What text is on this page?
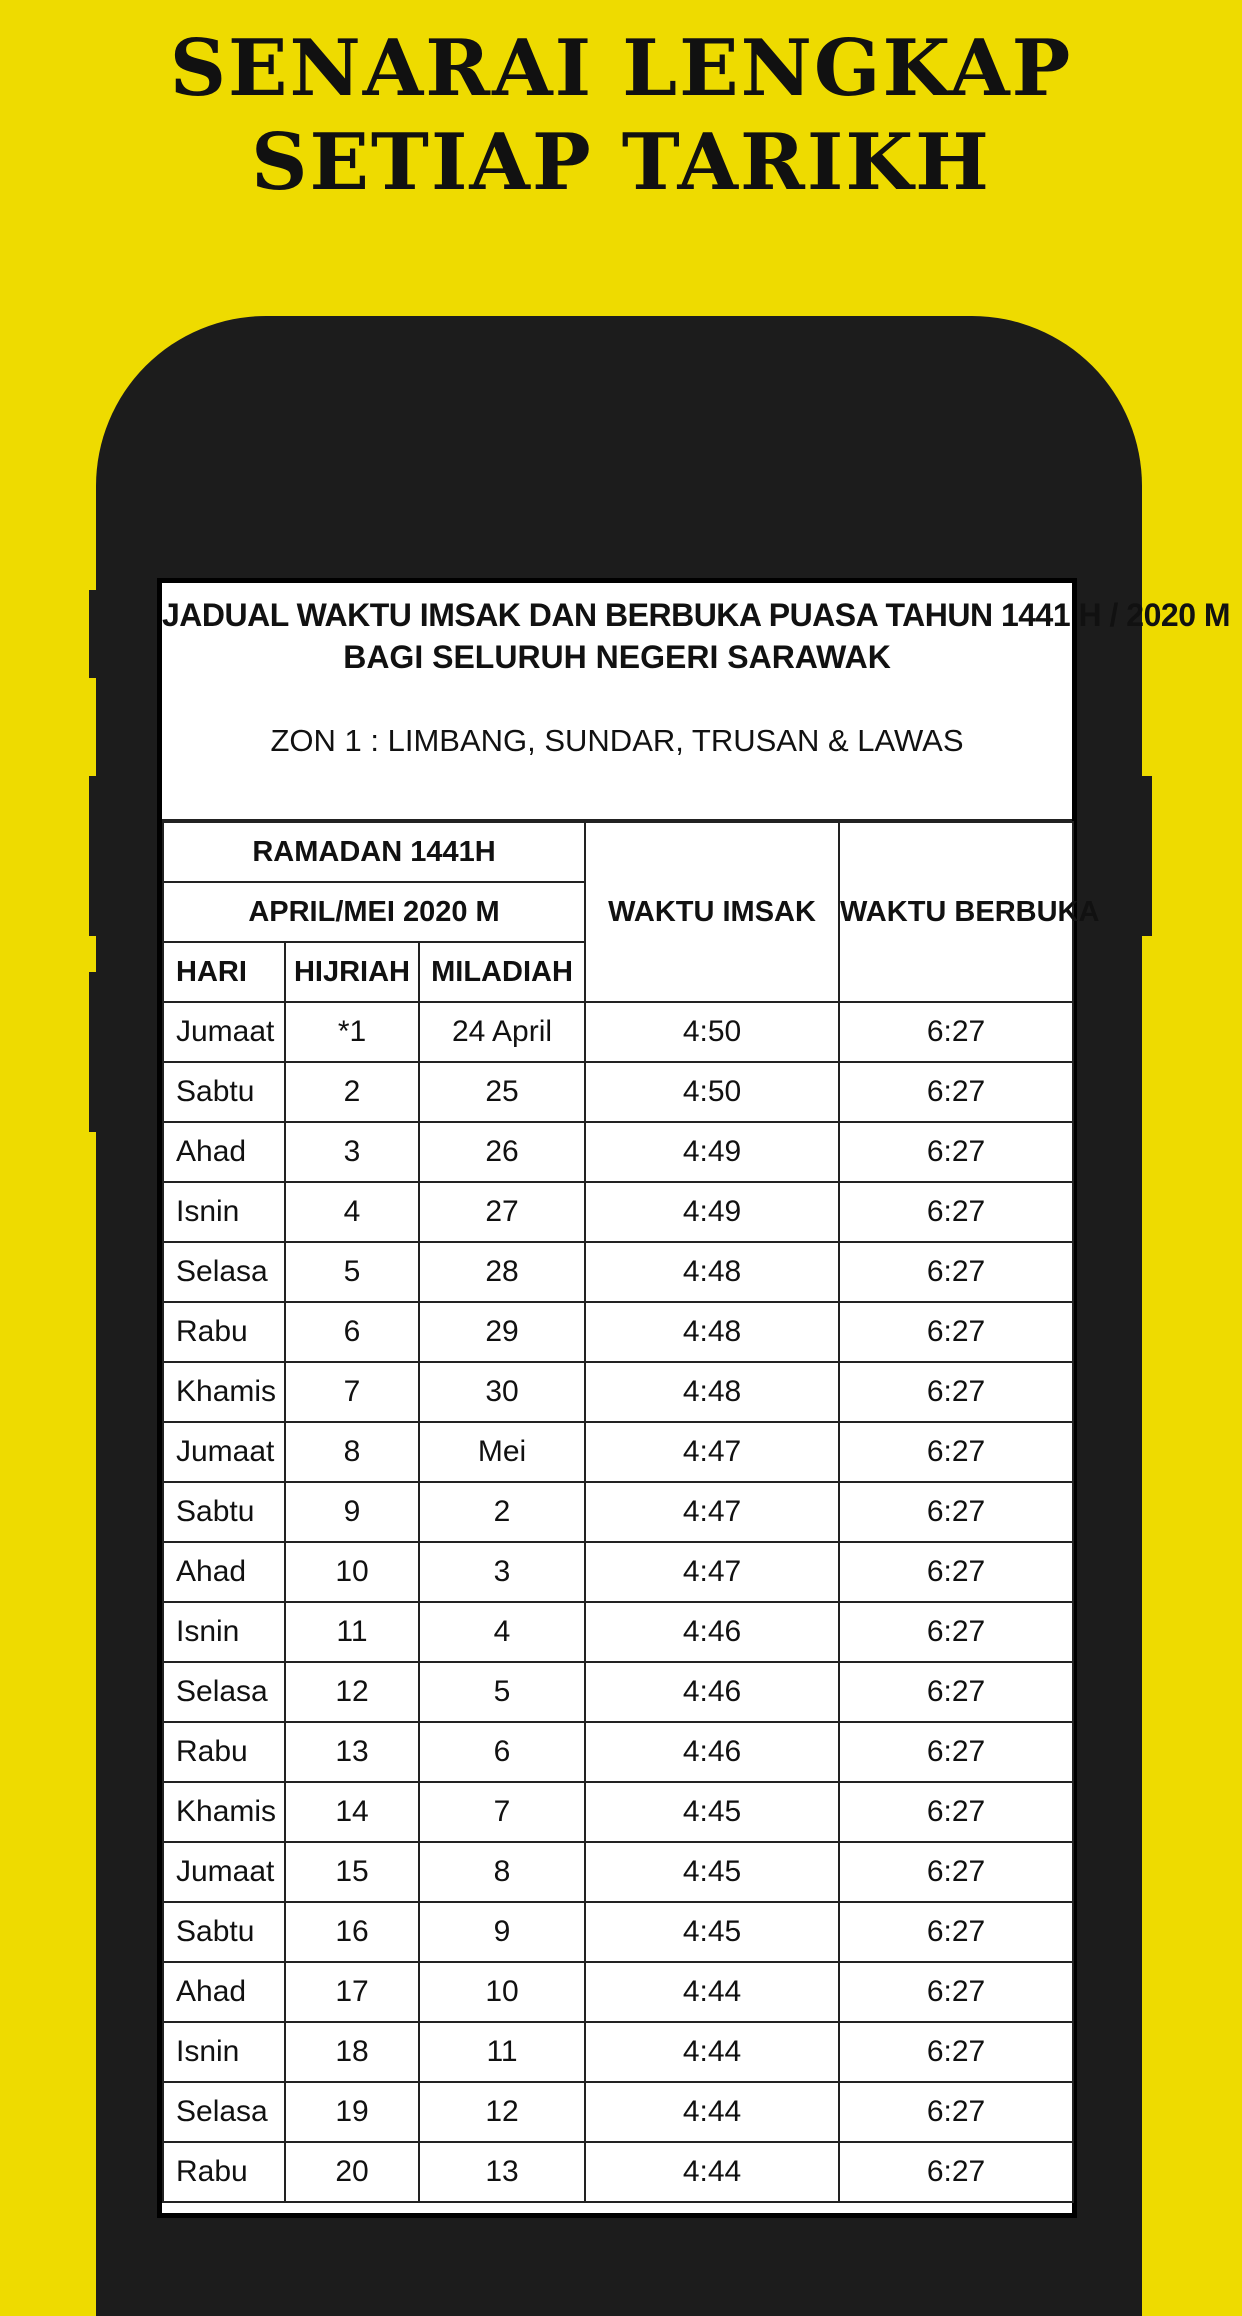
SENARAI LENGKAP
SETIAP TARIKH
JADUAL WAKTU IMSAK DAN BERBUKA PUASA TAHUN 1441 H / 2020 M
BAGI SELURUH NEGERI SARAWAK
ZON 1 : LIMBANG, SUNDAR, TRUSAN & LAWAS
RAMADAN 1441H			WAKTU IMSAK	WAKTU BERBUKA
APRIL/MEI 2020 M				
HARI	HIJRIAH	MILADIAH		
Jumaat	*1	24 April	4:50	6:27
Sabtu	2	25	4:50	6:27
Ahad	3	26	4:49	6:27
Isnin	4	27	4:49	6:27
Selasa	5	28	4:48	6:27
Rabu	6	29	4:48	6:27
Khamis	7	30	4:48	6:27
Jumaat	8	Mei	4:47	6:27
Sabtu	9	2	4:47	6:27
Ahad	10	3	4:47	6:27
Isnin	11	4	4:46	6:27
Selasa	12	5	4:46	6:27
Rabu	13	6	4:46	6:27
Khamis	14	7	4:45	6:27
Jumaat	15	8	4:45	6:27
Sabtu	16	9	4:45	6:27
Ahad	17	10	4:44	6:27
Isnin	18	11	4:44	6:27
Selasa	19	12	4:44	6:27
Rabu	20	13	4:44	6:27
